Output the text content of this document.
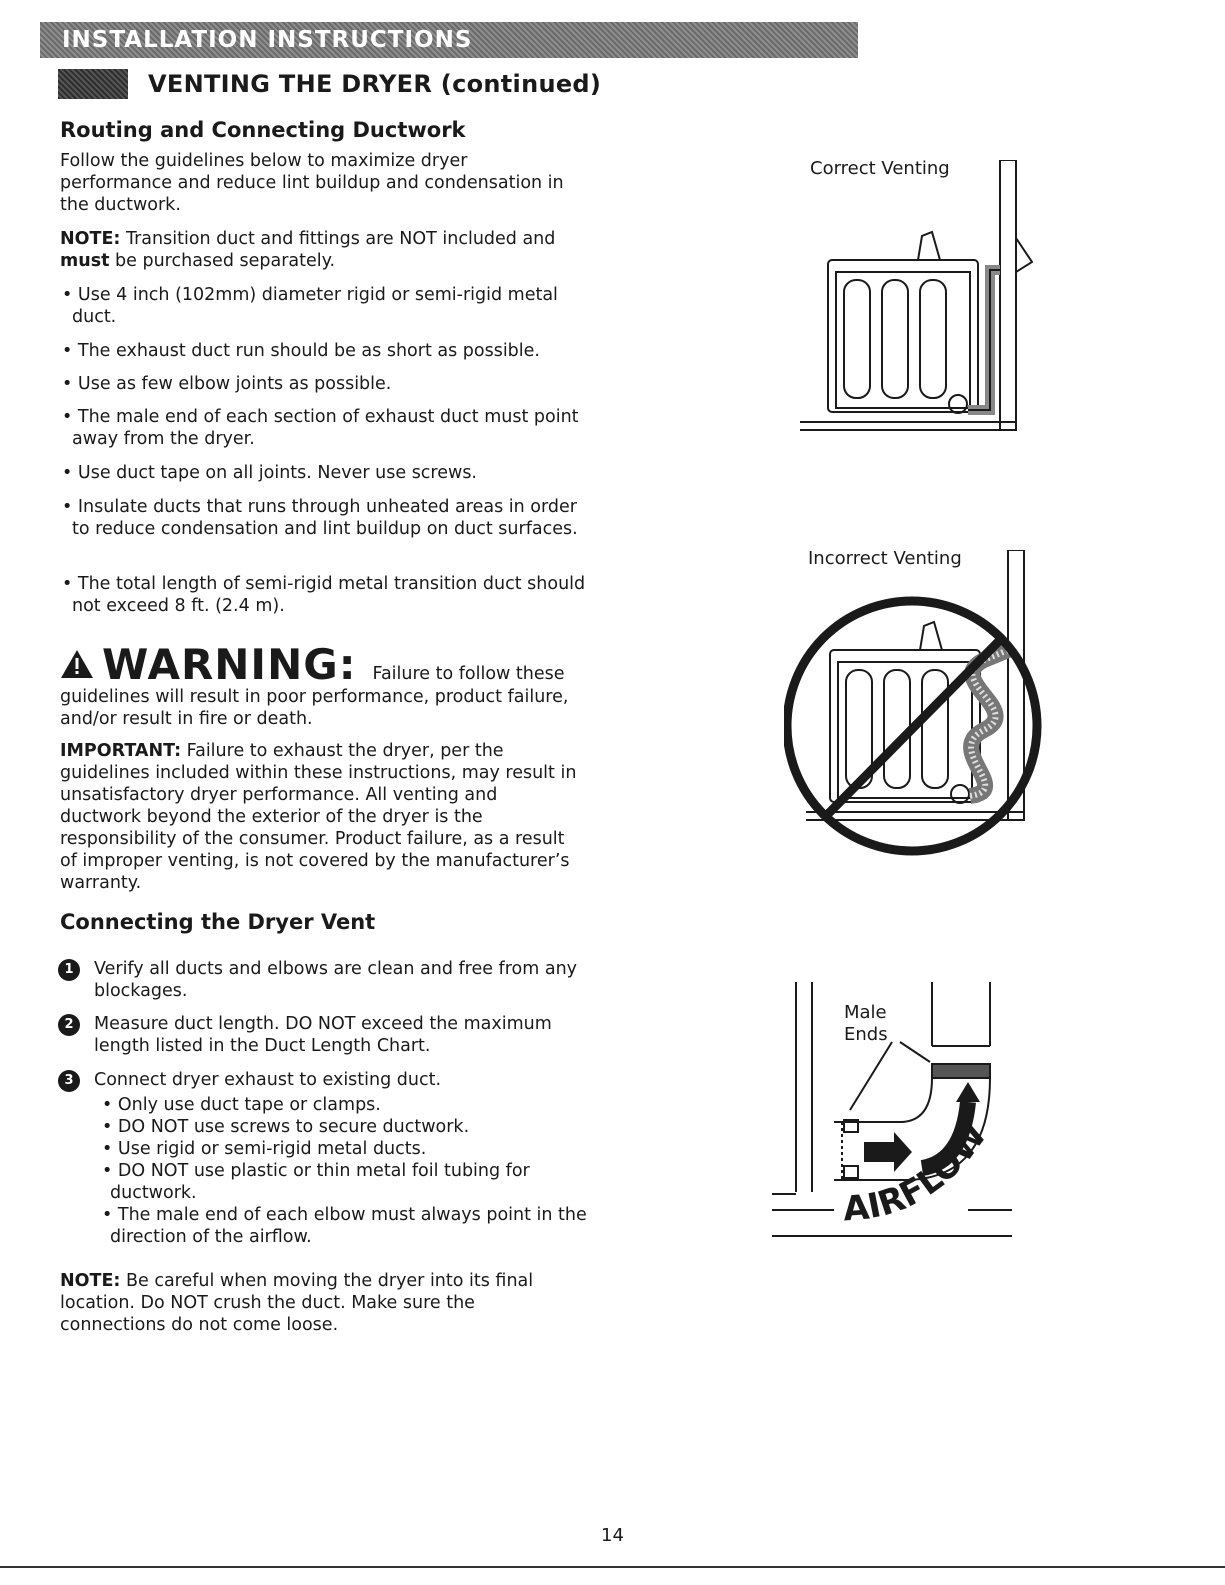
INSTALLATION INSTRUCTIONS
VENTING THE DRYER (continued)
Routing and Connecting Ductwork

Follow the guidelines below to maximize dryer performance and reduce lint buildup and condensation in the ductwork.

NOTE: Transition duct and fittings are NOT included and must be purchased separately.

• Use 4 inch (102mm) diameter rigid or semi-rigid metal duct.

• The exhaust duct run should be as short as possible.

• Use as few elbow joints as possible.

• The male end of each section of exhaust duct must point away from the dryer.

• Use duct tape on all joints. Never use screws.

• Insulate ducts that runs through unheated areas in order to reduce condensation and lint buildup on duct surfaces.

• The total length of semi-rigid metal transition duct should not exceed 8 ft. (2.4 m).

WARNING: Failure to follow these

guidelines will result in poor performance, product failure, and/or result in fire or death.

IMPORTANT: Failure to exhaust the dryer, per the guidelines included within these instructions, may result in unsatisfactory dryer performance. All venting and ductwork beyond the exterior of the dryer is the responsibility of the consumer. Product failure, as a result of improper venting, is not covered by the manufacturer’s warranty.

Connecting the Dryer Vent
1	Verify all ducts and elbows are clean and free from any blockages.
2	Measure duct length. DO NOT exceed the maximum length listed in the Duct Length Chart.
3	Connect dryer exhaust to existing duct.
• Only use duct tape or clamps.
• DO NOT use screws to secure ductwork.
• Use rigid or semi-rigid metal ducts.
• DO NOT use plastic or thin metal foil tubing for ductwork.
• The male end of each elbow must always point in the direction of the airflow.

NOTE: Be careful when moving the dryer into its final location. Do NOT crush the duct. Make sure the connections do not come loose.

Correct Venting
Incorrect Venting
Male
Ends
AIRFLOW
14
